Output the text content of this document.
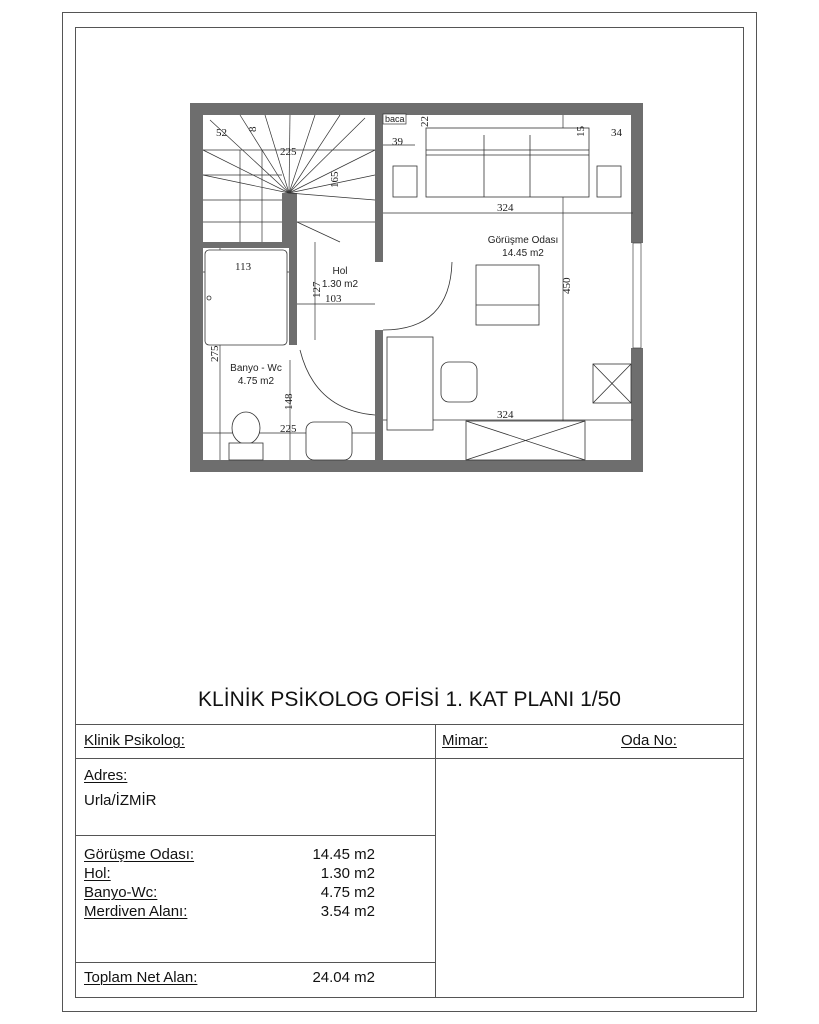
baca
Görüşme Odası
14.45 m2
Hol
1.30 m2
Banyo - Wc
4.75 m2
52 8
225
165
22
39
15 34
324
113
127
103
450
275
148
225
324
KLİNİK PSİKOLOG OFİSİ 1. KAT PLANI 1/50
Klinik Psikolog:	Mimar:	Oda No:
Adres:
Urla/İZMİR
Görüşme Odası:	14.45 m2
Hol:	1.30 m2
Banyo-Wc:	4.75 m2
Merdiven Alanı:	3.54 m2
Toplam Net Alan:	24.04 m2
